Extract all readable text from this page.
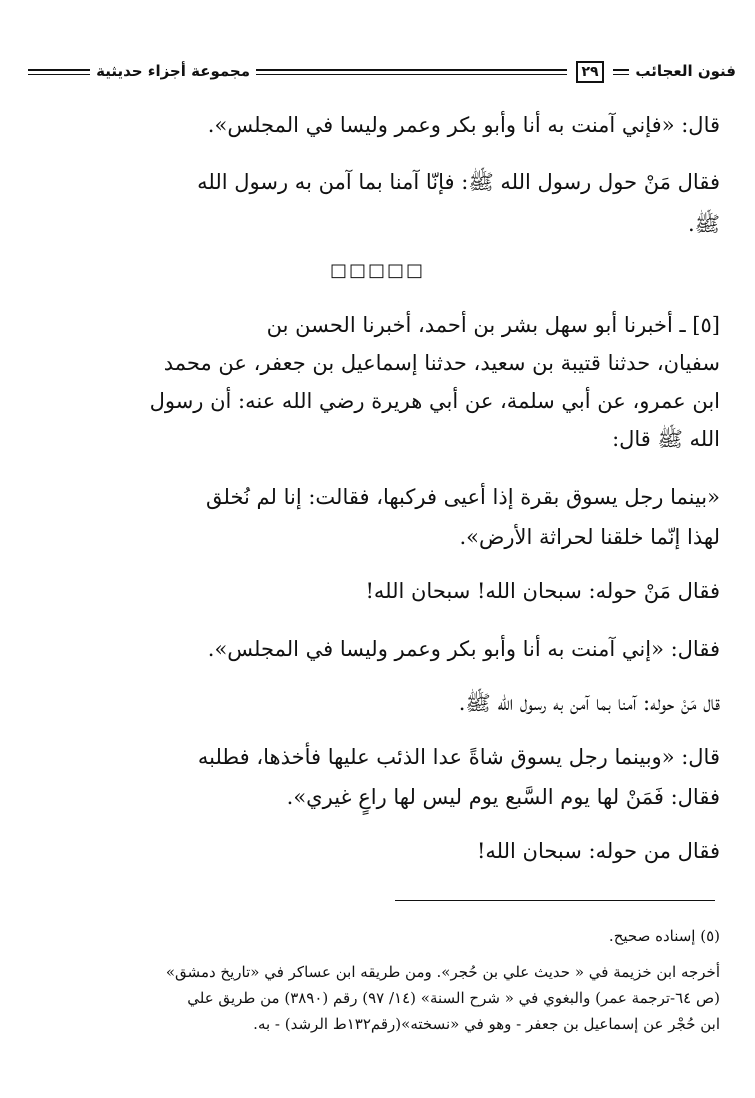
فنون العجائب
٢٩
مجموعة أجزاء حديثية
قال: «فإني آمنت به أنا وأبو بكر وعمر وليسا في المجلس».
فقال مَنْ حول رسول الله ﷺ: فإنّا آمنا بما آمن به رسول الله
ﷺ.
□□□□□
[٥] ـ أخبرنا أبو سهل بشر بن أحمد، أخبرنا الحسن بن
سفيان، حدثنا قتيبة بن سعيد، حدثنا إسماعيل بن جعفر، عن محمد
ابن عمرو، عن أبي سلمة، عن أبي هريرة رضي الله عنه: أن رسول
الله ﷺ قال:
«بينما رجل يسوق بقرة إذا أعيى فركبها، فقالت: إنا لم نُخلق
لهذا إنّما خلقنا لحراثة الأرض».
فقال مَنْ حوله: سبحان الله! سبحان الله!
فقال: «إني آمنت به أنا وأبو بكر وعمر وليسا في المجلس».
قال مَنْ حوله: آمنا بما آمن به رسول الله ﷺ.
قال: «وبينما رجل يسوق شاةً عدا الذئب عليها فأخذها، فطلبه
فقال: فَمَنْ لها يوم السَّبع يوم ليس لها راعٍ غيري».
فقال من حوله: سبحان الله!
(٥) إسناده صحيح.
أخرجه ابن خزيمة في « حديث علي بن حُجر». ومن طريقه ابن عساكر في «تاريخ دمشق»
(ص ٦٤-ترجمة عمر) والبغوي في « شرح السنة» (١٤/ ٩٧) رقم (٣٨٩٠) من طريق علي
ابن حُجْر عن إسماعيل بن جعفر - وهو في «نسخته»(رقم١٣٢ط الرشد) - به.
